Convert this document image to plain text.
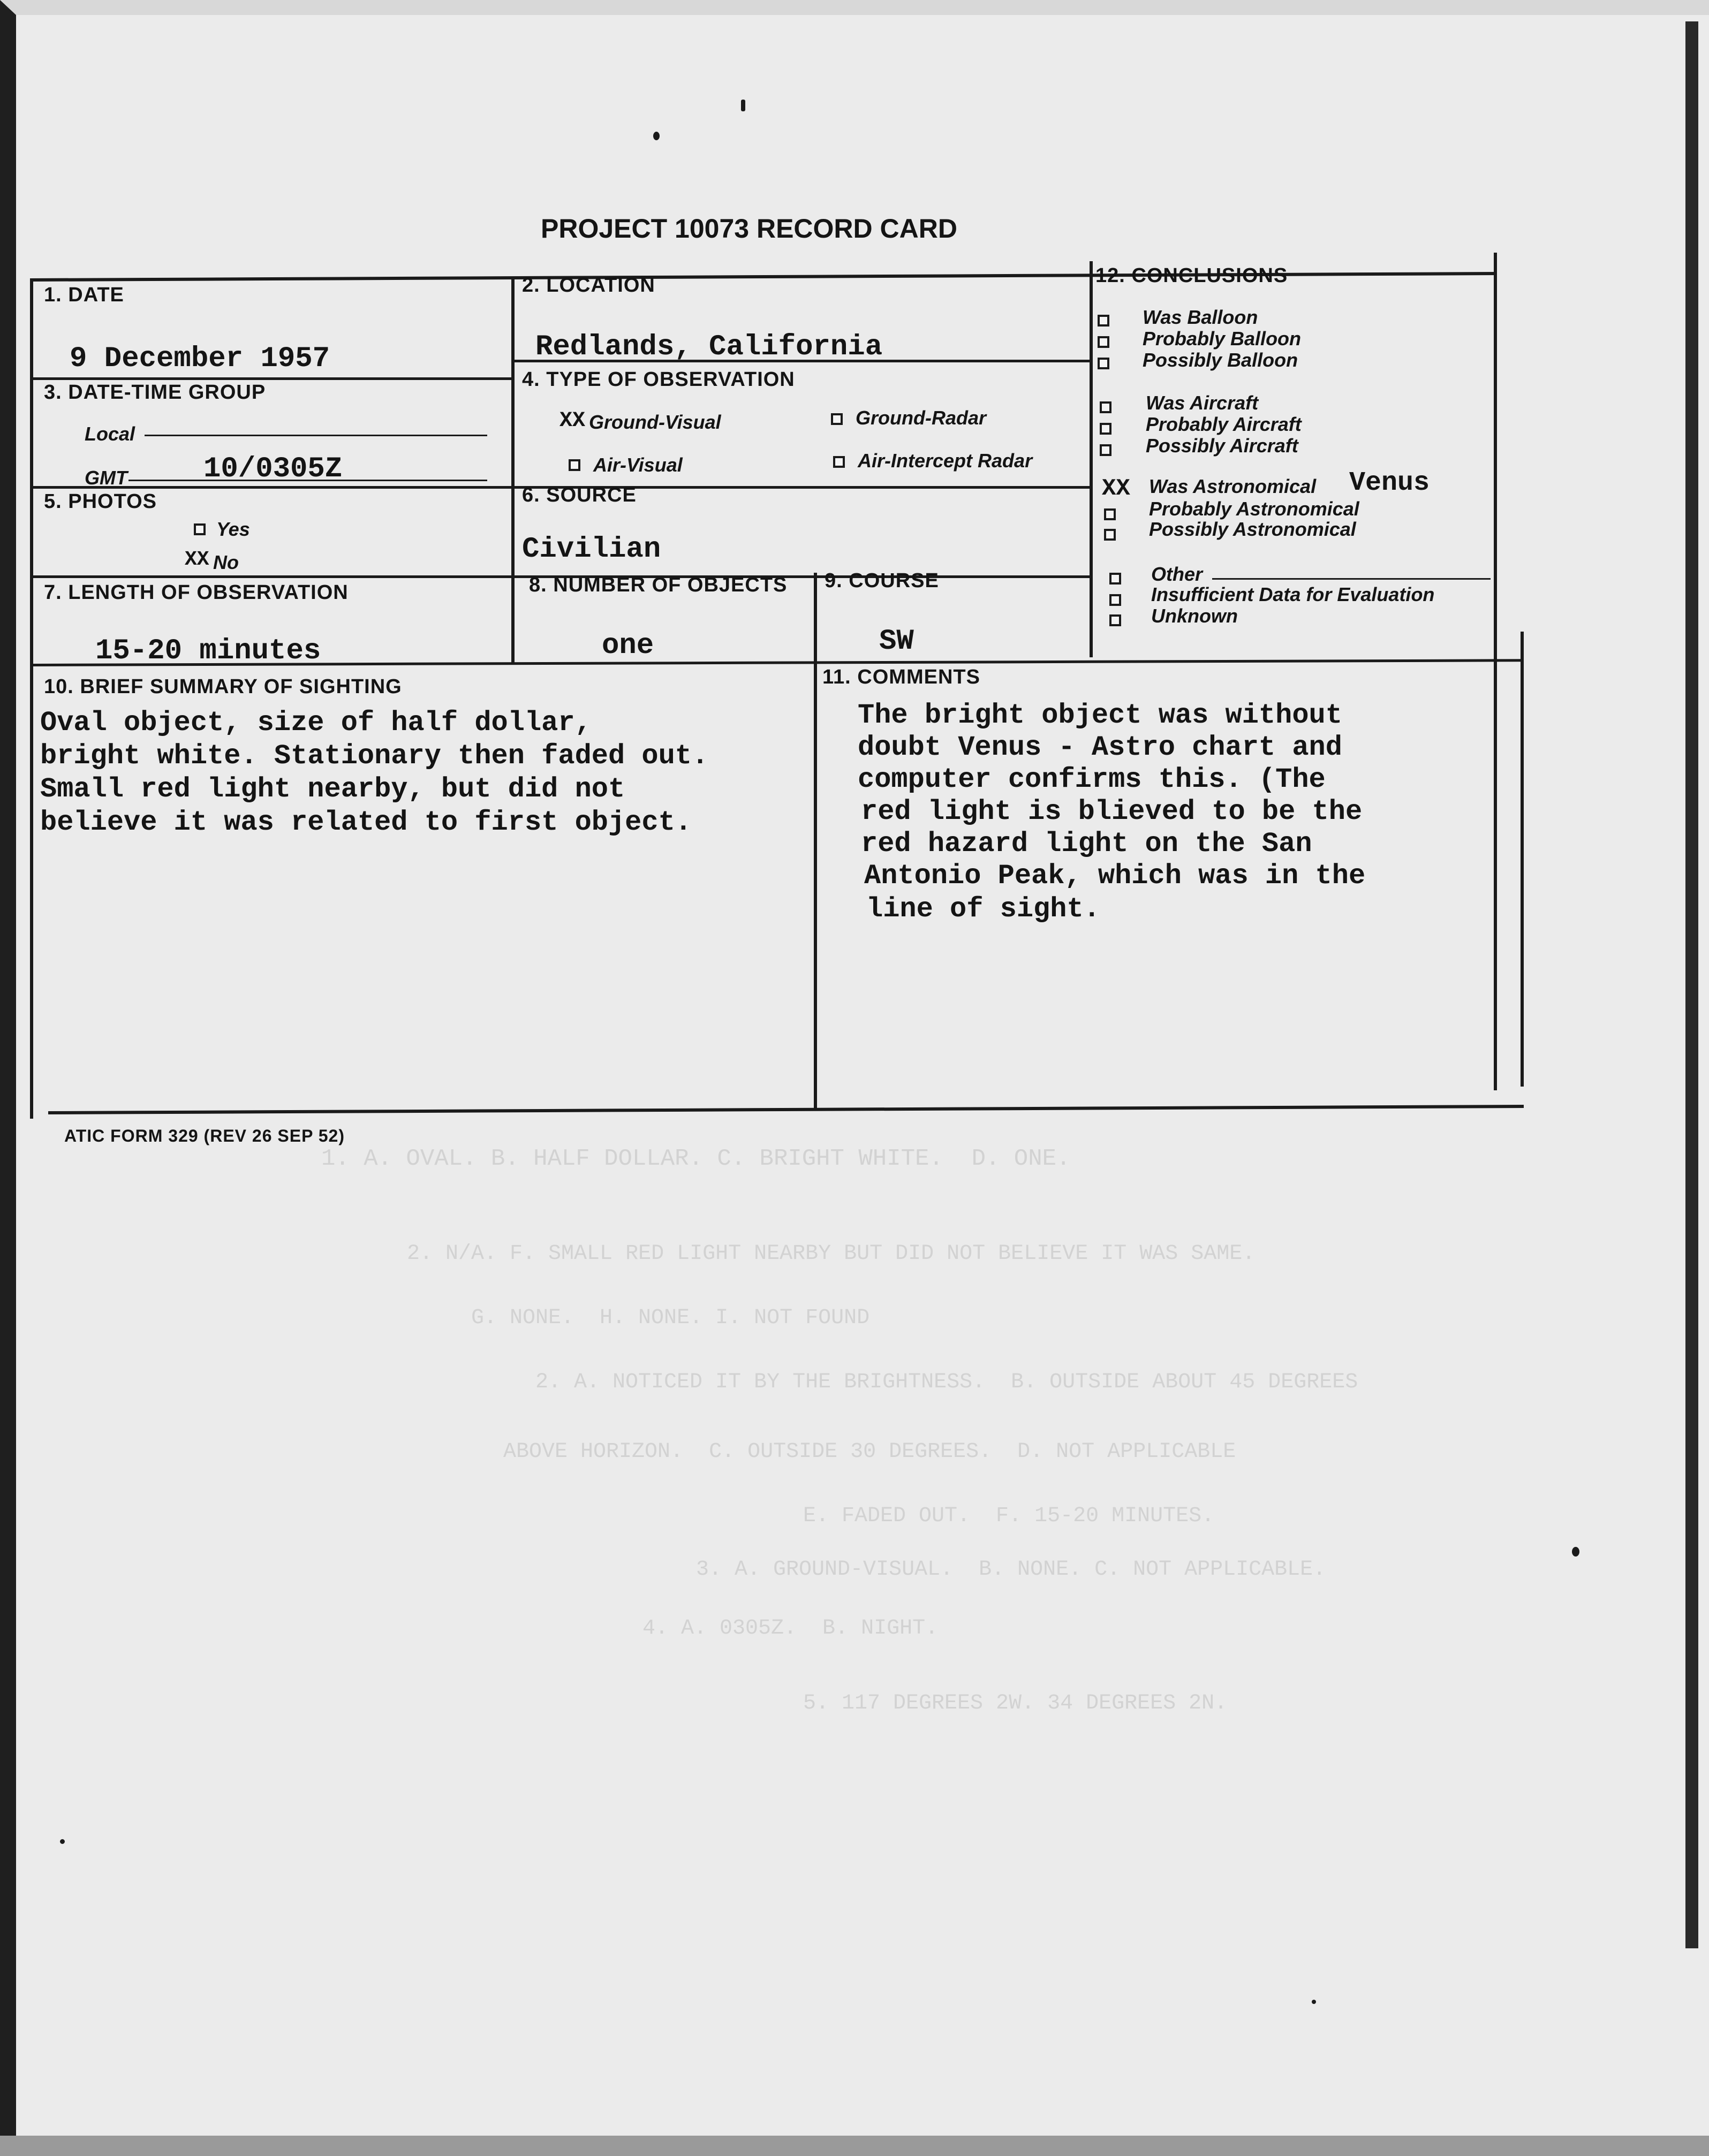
PROJECT 10073 RECORD CARD
1. A. OVAL. B. HALF DOLLAR. C. BRIGHT WHITE.  D. ONE.
2. N/A. F. SMALL RED LIGHT NEARBY BUT DID NOT BELIEVE IT WAS SAME.
G. NONE.  H. NONE. I. NOT FOUND
2. A. NOTICED IT BY THE BRIGHTNESS.  B. OUTSIDE ABOUT 45 DEGREES
ABOVE HORIZON.  C. OUTSIDE 30 DEGREES.  D. NOT APPLICABLE
E. FADED OUT.  F. 15-20 MINUTES.
3. A. GROUND-VISUAL.  B. NONE. C. NOT APPLICABLE.
4. A. 0305Z.  B. NIGHT.
5. 117 DEGREES 2W. 34 DEGREES 2N.
1. DATE
9 December 1957
2. LOCATION
Redlands, California
3. DATE-TIME GROUP
Local
GMT	10/0305Z
4. TYPE OF OBSERVATION
XX Ground-Visual	Ground-Radar
Air-Visual	Air-Intercept Radar
5. PHOTOS
Yes
XX No
6. SOURCE
Civilian
7. LENGTH OF OBSERVATION
15-20 minutes
8. NUMBER OF OBJECTS
one
9. COURSE
SW
10. BRIEF SUMMARY OF SIGHTING
Oval object, size of half dollar,
bright white. Stationary then faded out.
Small red light nearby, but did not
believe it was related to first object.
11. COMMENTS
The bright object was without
doubt Venus - Astro chart and
computer confirms this. (The
red light is blieved to be the
red hazard light on the San
Antonio Peak, which was in the
line of sight.
12. CONCLUSIONS
Was Balloon
Probably Balloon
Possibly Balloon
Was Aircraft
Probably Aircraft
Possibly Aircraft
XX Was Astronomical Venus
Probably Astronomical
Possibly Astronomical
Other
Insufficient Data for Evaluation
Unknown
ATIC FORM 329 (REV 26 SEP 52)
